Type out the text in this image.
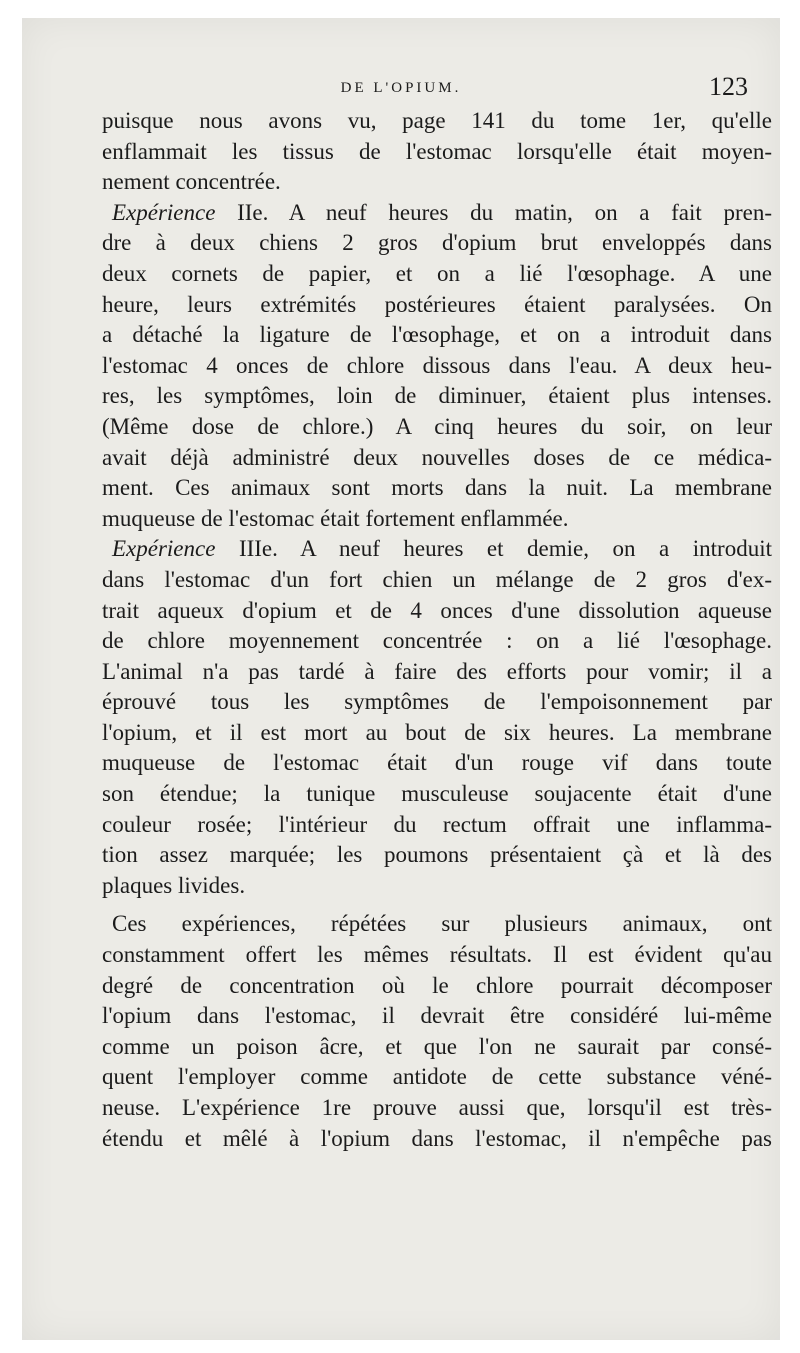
DE L'OPIUM.	123
puisque nous avons vu, page 141 du tome 1er, qu'elle
enflammait les tissus de l'estomac lorsqu'elle était moyen-
nement concentrée.
Expérience IIe. A neuf heures du matin, on a fait pren-
dre à deux chiens 2 gros d'opium brut enveloppés dans
deux cornets de papier, et on a lié l'œsophage. A une
heure, leurs extrémités postérieures étaient paralysées. On
a détaché la ligature de l'œsophage, et on a introduit dans
l'estomac 4 onces de chlore dissous dans l'eau. A deux heu-
res, les symptômes, loin de diminuer, étaient plus intenses.
(Même dose de chlore.) A cinq heures du soir, on leur
avait déjà administré deux nouvelles doses de ce médica-
ment. Ces animaux sont morts dans la nuit. La membrane
muqueuse de l'estomac était fortement enflammée.
Expérience IIIe. A neuf heures et demie, on a introduit
dans l'estomac d'un fort chien un mélange de 2 gros d'ex-
trait aqueux d'opium et de 4 onces d'une dissolution aqueuse
de chlore moyennement concentrée : on a lié l'œsophage.
L'animal n'a pas tardé à faire des efforts pour vomir; il a
éprouvé tous les symptômes de l'empoisonnement par
l'opium, et il est mort au bout de six heures. La membrane
muqueuse de l'estomac était d'un rouge vif dans toute
son étendue; la tunique musculeuse soujacente était d'une
couleur rosée; l'intérieur du rectum offrait une inflamma-
tion assez marquée; les poumons présentaient çà et là des
plaques livides.
Ces expériences, répétées sur plusieurs animaux, ont
constamment offert les mêmes résultats. Il est évident qu'au
degré de concentration où le chlore pourrait décomposer
l'opium dans l'estomac, il devrait être considéré lui-même
comme un poison âcre, et que l'on ne saurait par consé-
quent l'employer comme antidote de cette substance véné-
neuse. L'expérience 1re prouve aussi que, lorsqu'il est très-
étendu et mêlé à l'opium dans l'estomac, il n'empêche pas
